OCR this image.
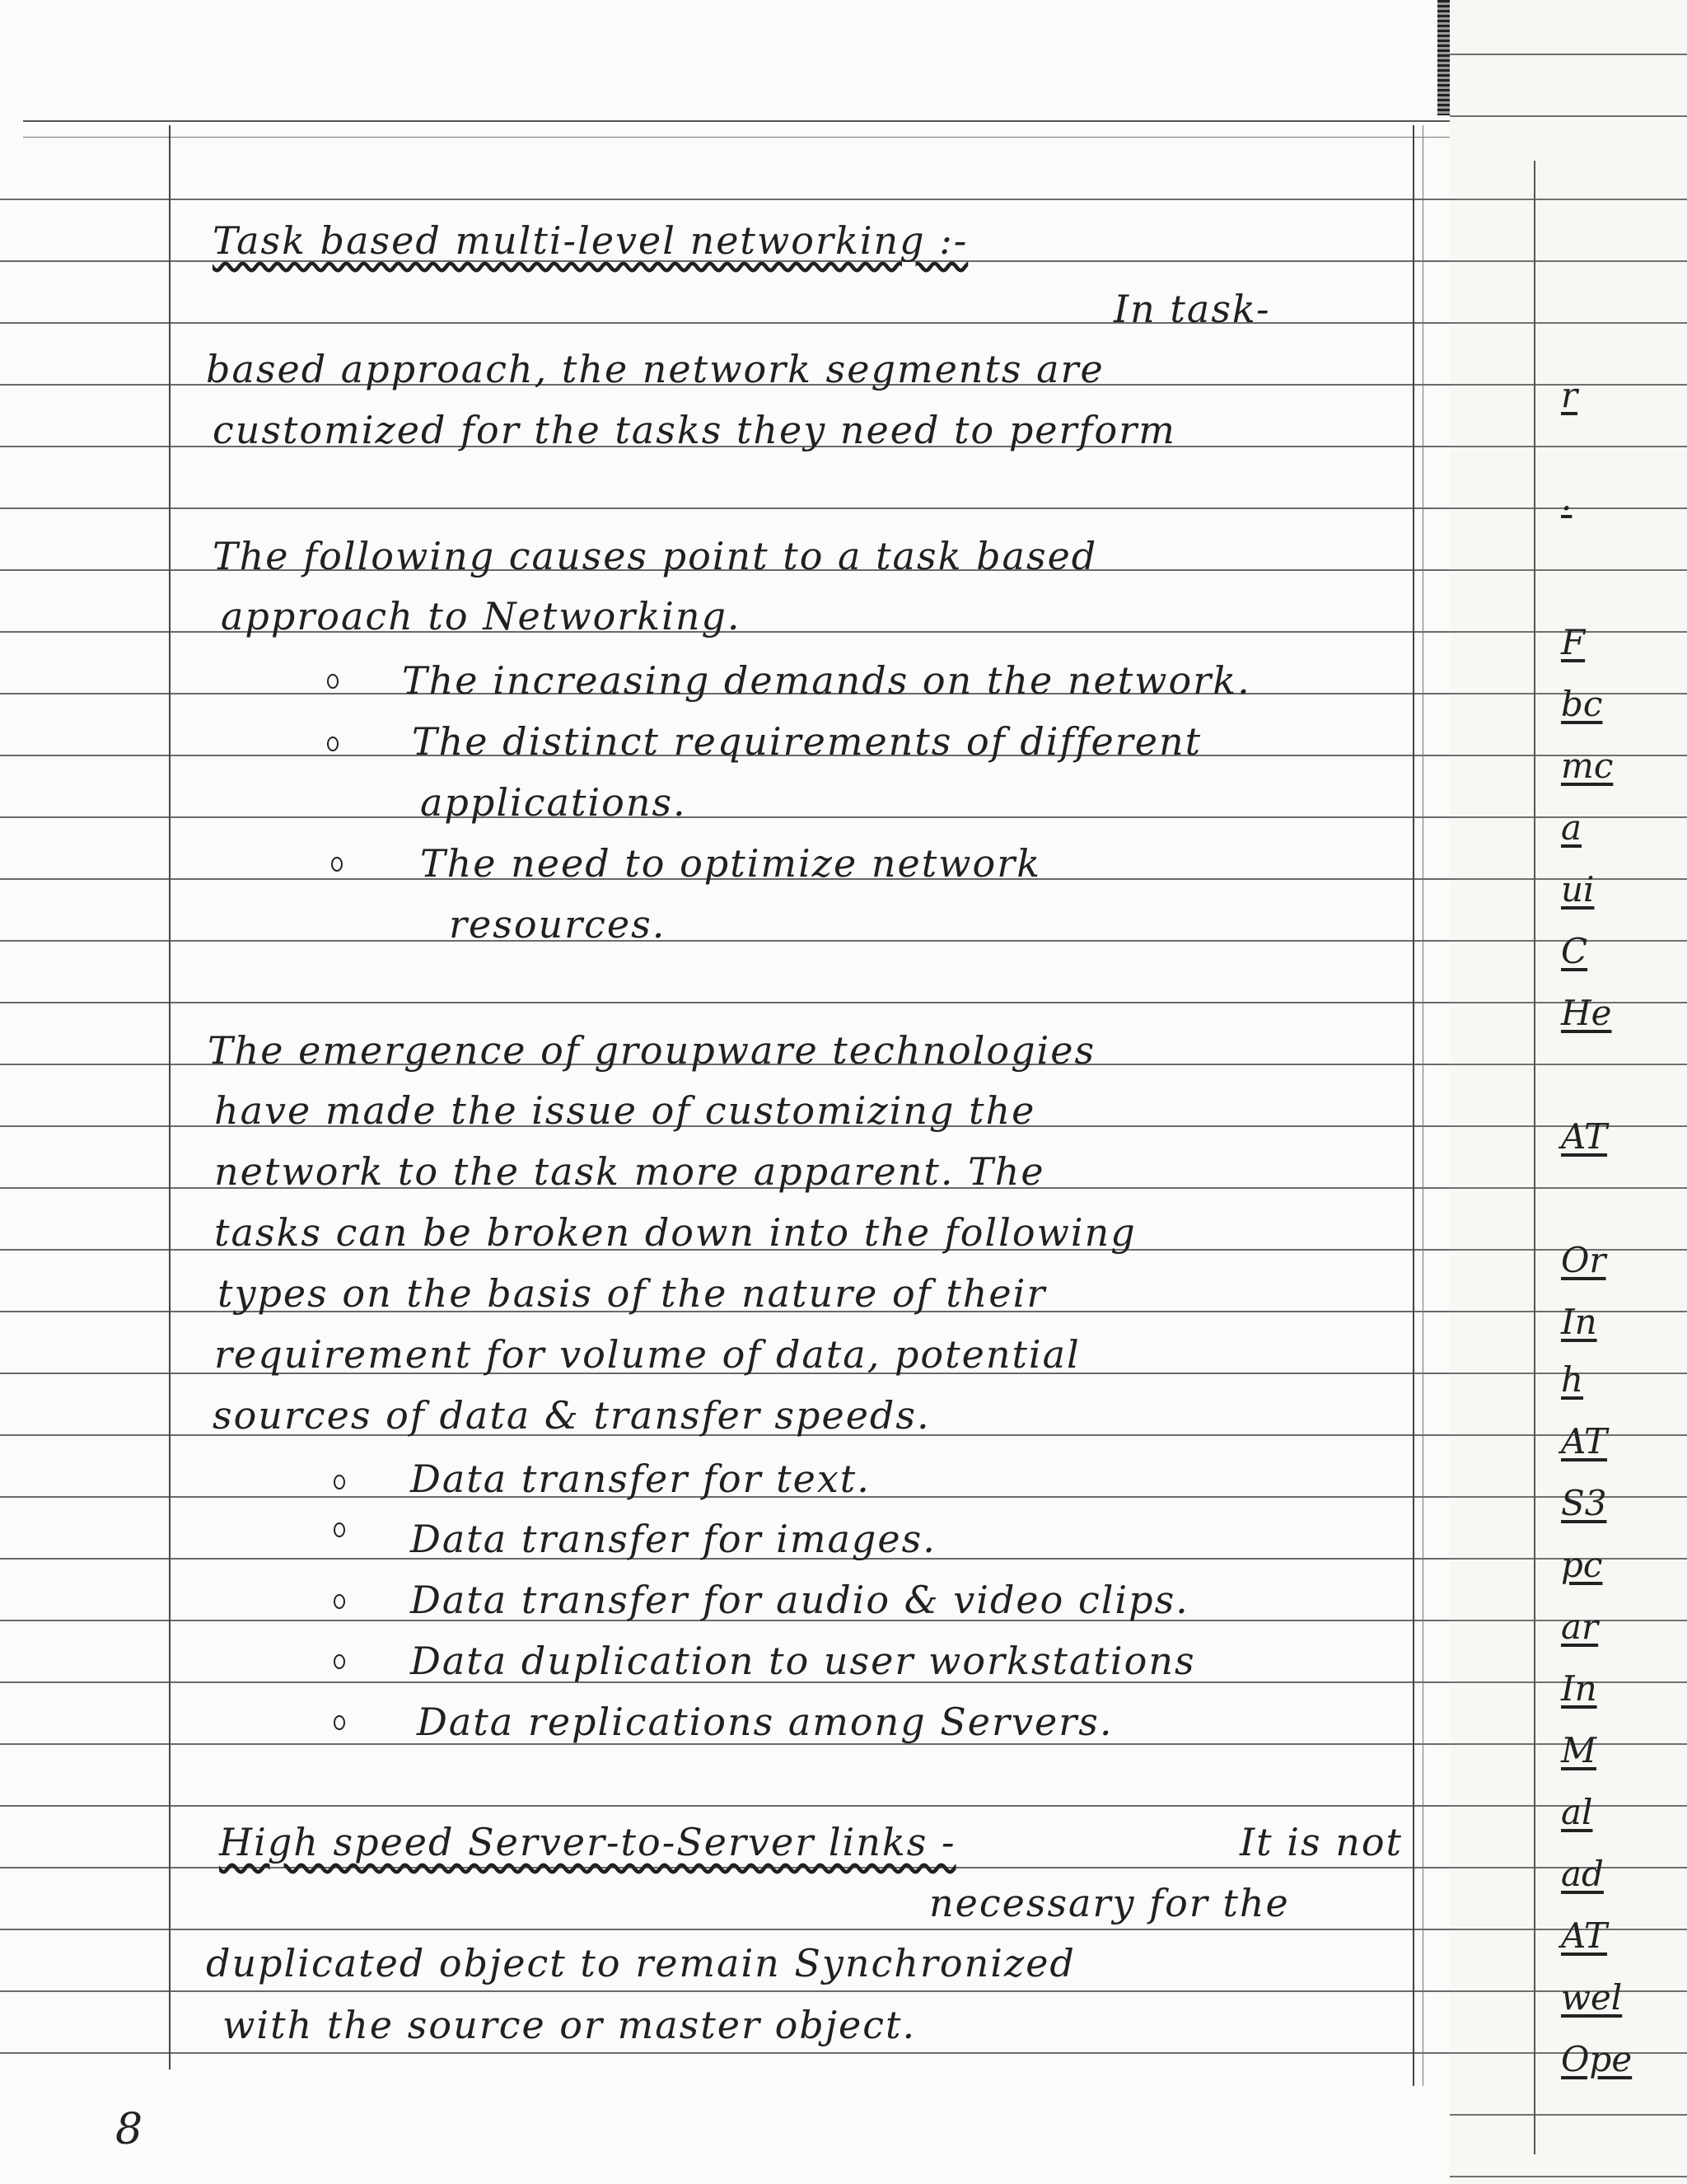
Task based multi-level networking :-
In task-
based approach, the network segments are
customized for the tasks they need to perform
The following causes point to a task based
approach to Networking.
The increasing demands on the network.
The distinct requirements of different
applications.
The need to optimize network
resources.
The emergence of groupware technologies
have made the issue of customizing the
network to the task more apparent. The
tasks can be broken down into the following
types on the basis of the nature of their
requirement for volume of data, potential
sources of data & transfer speeds.
Data transfer for text.
Data transfer for images.
Data transfer for audio & video clips.
Data duplication to user workstations
Data replications among Servers.
High speed Server-to-Server links -	It is not
necessary for the
duplicated object to remain Synchronized
with the source or master object.
8
r
.
F
bc
mc
a
ui
C
He
AT
Or
In
h
AT
S3
pc
ar
In
M
al
ad
AT
wel
Ope
